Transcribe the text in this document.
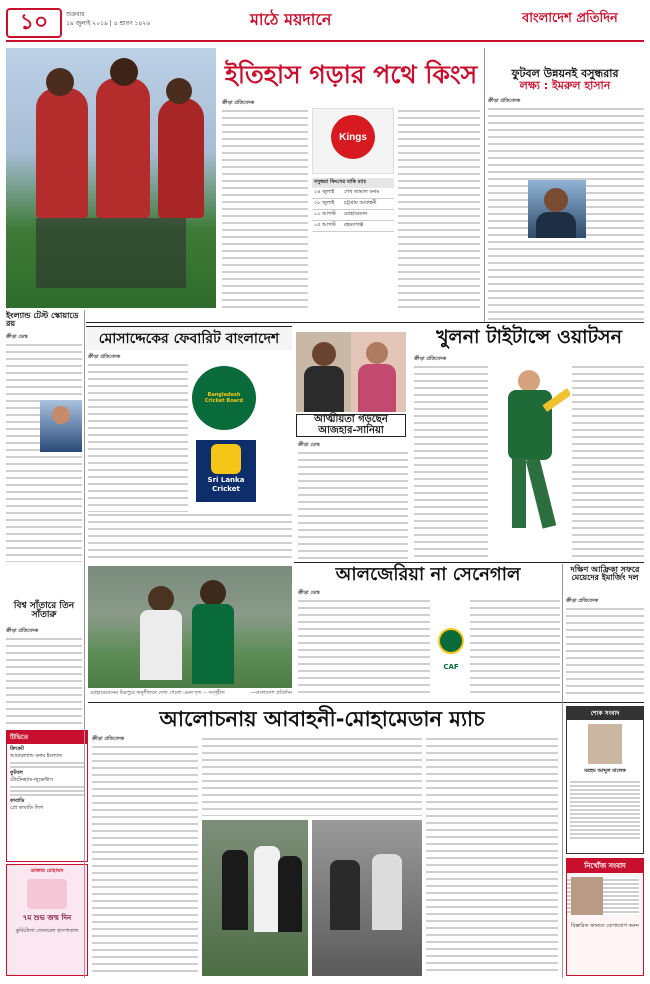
১০	শুক্রবার
১৯ জুলাই ২০১৯ | ৪ শ্রাবণ ১৪২৬	মাঠে ময়দানে	বাংলাদেশ প্রতিদিন
ইতিহাস গড়ার পথে কিংস
ক্রীড়া প্রতিবেদক
Kings
বসুন্ধরা কিংসের বাকি ম্যাচ
২৪ জুলাই	শেখ জামাল বনাম
২৮ জুলাই	চট্টগ্রাম আবাহনী
০১ আগস্ট	মোহামেডান
০৫ আগস্ট	রহমতগঞ্জ
ফুটবল উন্নয়নই বসুন্ধরার
লক্ষ্য : ইমরুল হাসান
ক্রীড়া প্রতিবেদক
ইংল্যান্ড টেস্ট স্কোয়াডে রয়
ক্রীড়া ডেস্ক
বিশ্ব সাঁতারে তিন সাঁতারু
ক্রীড়া প্রতিবেদক
টিভিতে
ক্রিকেট
আয়ারল্যান্ড বনাম ইংল্যান্ড
ফুটবল
টোটেনহ্যাম-জুভেন্টাস
কাবাডি
প্রো কাবাডি লিগ
ডাক্তার মোহাম্মদ
৭ম শুভ জন্ম দিন
কুর্মিটোলা জেনারেল হাসপাতাল
মোসাদ্দেকের ফেবারিট বাংলাদেশ
ক্রীড়া প্রতিবেদক
Bangladesh Cricket Board
Sri Lanka Cricket
আত্মীয়তা গড়ছেন
আজহার-সানিয়া
ক্রীড়া ডেস্ক
খুলনা টাইটান্সে ওয়াটসন
ক্রীড়া প্রতিবেদক
মোহামেডানের মিরপুরে অনুশীলনে দেখা গেলো এমন দৃশ্য -- সংগৃহীত	—বাংলাদেশ প্রতিদিন
আলজেরিয়া না সেনেগাল
ক্রীড়া ডেস্ক
CAF
দক্ষিণ আফ্রিকা সফরে মেয়েদের ইমার্জিং দল
ক্রীড়া প্রতিবেদক
আলোচনায় আবাহনী-মোহামেডান ম্যাচ
ক্রীড়া প্রতিবেদক
শোক সংবাদ
মরহুম আব্দুল মালেক
নিখোঁজ সংবাদ
বিস্তারিত জানতে যোগাযোগ করুন
